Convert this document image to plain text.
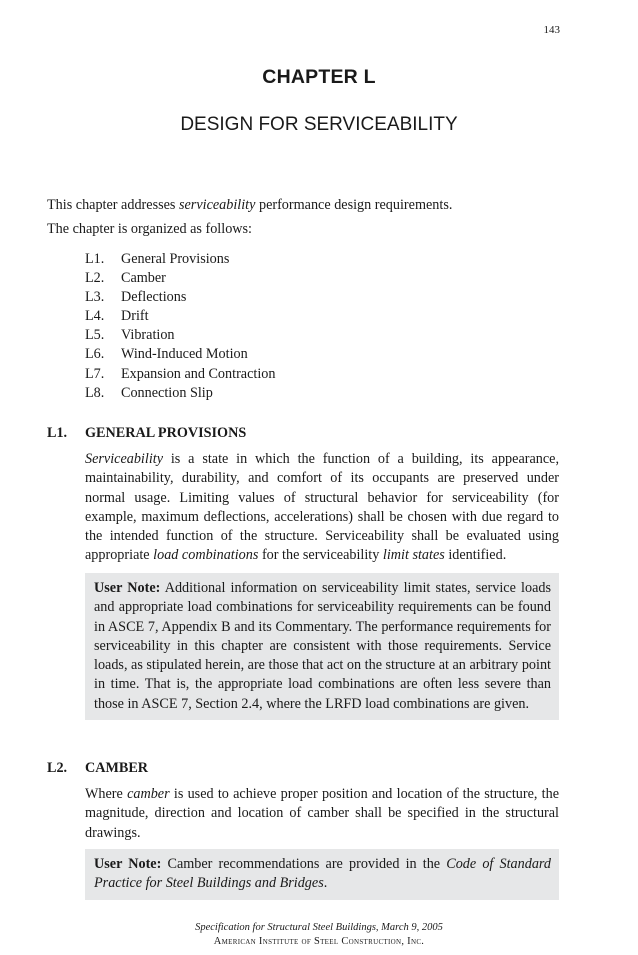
143
CHAPTER L
DESIGN FOR SERVICEABILITY
This chapter addresses serviceability performance design requirements.
The chapter is organized as follows:
L1. General Provisions
L2. Camber
L3. Deflections
L4. Drift
L5. Vibration
L6. Wind-Induced Motion
L7. Expansion and Contraction
L8. Connection Slip
L1. GENERAL PROVISIONS
Serviceability is a state in which the function of a building, its appearance, maintainability, durability, and comfort of its occupants are preserved under normal usage. Limiting values of structural behavior for serviceability (for example, maximum deflections, accelerations) shall be chosen with due regard to the intended function of the structure. Serviceability shall be evaluated using appropriate load combinations for the serviceability limit states identified.
User Note: Additional information on serviceability limit states, service loads and appropriate load combinations for serviceability requirements can be found in ASCE 7, Appendix B and its Commentary. The performance requirements for serviceability in this chapter are consistent with those requirements. Service loads, as stipulated herein, are those that act on the structure at an arbitrary point in time. That is, the appropriate load combinations are often less severe than those in ASCE 7, Section 2.4, where the LRFD load combinations are given.
L2. CAMBER
Where camber is used to achieve proper position and location of the structure, the magnitude, direction and location of camber shall be specified in the structural drawings.
User Note: Camber recommendations are provided in the Code of Standard Practice for Steel Buildings and Bridges.
Specification for Structural Steel Buildings, March 9, 2005
American Institute of Steel Construction, Inc.
